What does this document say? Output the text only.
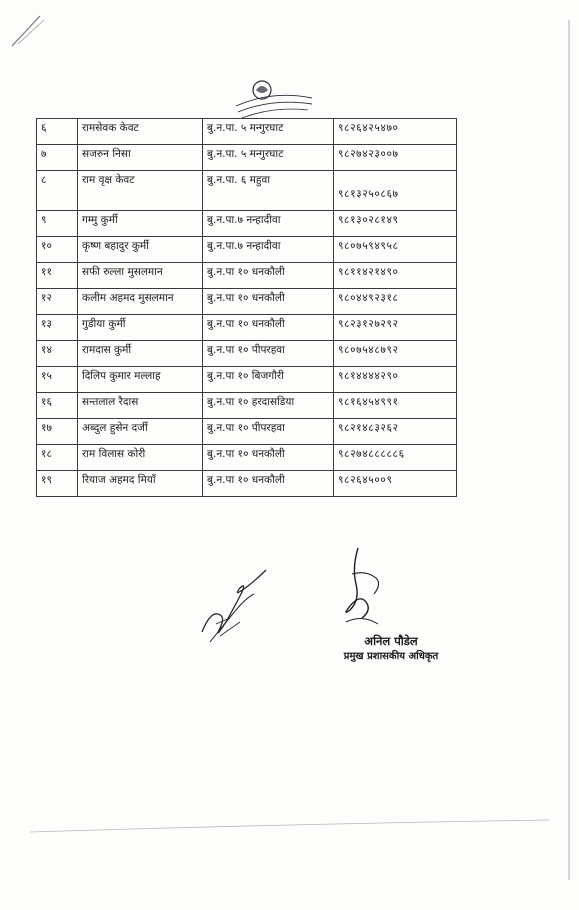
६	रामसेवक केवट	बु.न.पा. ५ मन्गुरघाट	९८२६४२५४७०
७	सजरुन निसा	बु.न.पा. ५ मन्गुरघाट	९८२७४२३००७
८	राम वृक्ष केवट	बु.न.पा. ६ महुवा	९८१३२५०८६७

९	गम्मु कुर्मी	बु.न.पा.७ नन्हादीवा	९८१३०२८१४९
१०	कृष्ण बहादुर कुर्मी	बु.न.पा.७ नन्हादीवा	९८०७५९४९५८
११	सफी रुल्ला मुसलमान	बु.न.पा १० धनकौली	९८११४२१४९०
१२	कलीम अहमद मुसलमान	बु.न.पा १० धनकौली	९८०४४९२३१८
१३	गुडीया कुर्मी	बु.न.पा १० धनकौली	९८२३१२७२९२
१४	रामदास कुर्मी	बु.न.पा १० पीपरहवा	९८०७५४८७९२
१५	दिलिप कुमार मल्लाह	बु.न.पा १० बिजगौरी	९८१४४४४२९०
१६	सन्तलाल रैदास	बु.न.पा १० हरदासडिया	९८१६४५४९९१
१७	अब्दुल हुसेन दर्जी	बु.न.पा १० पीपरहवा	९८२१४८३२६२
१८	राम विलास कोरी	बु.न.पा १० धनकौली	९८२७४८८८८८६
१९	रियाज अहमद मियाँ	बु.न.पा १० धनकौली	९८२६४५००९
अनिल पौडेल
प्रमुख प्रशासकीय अधिकृत
